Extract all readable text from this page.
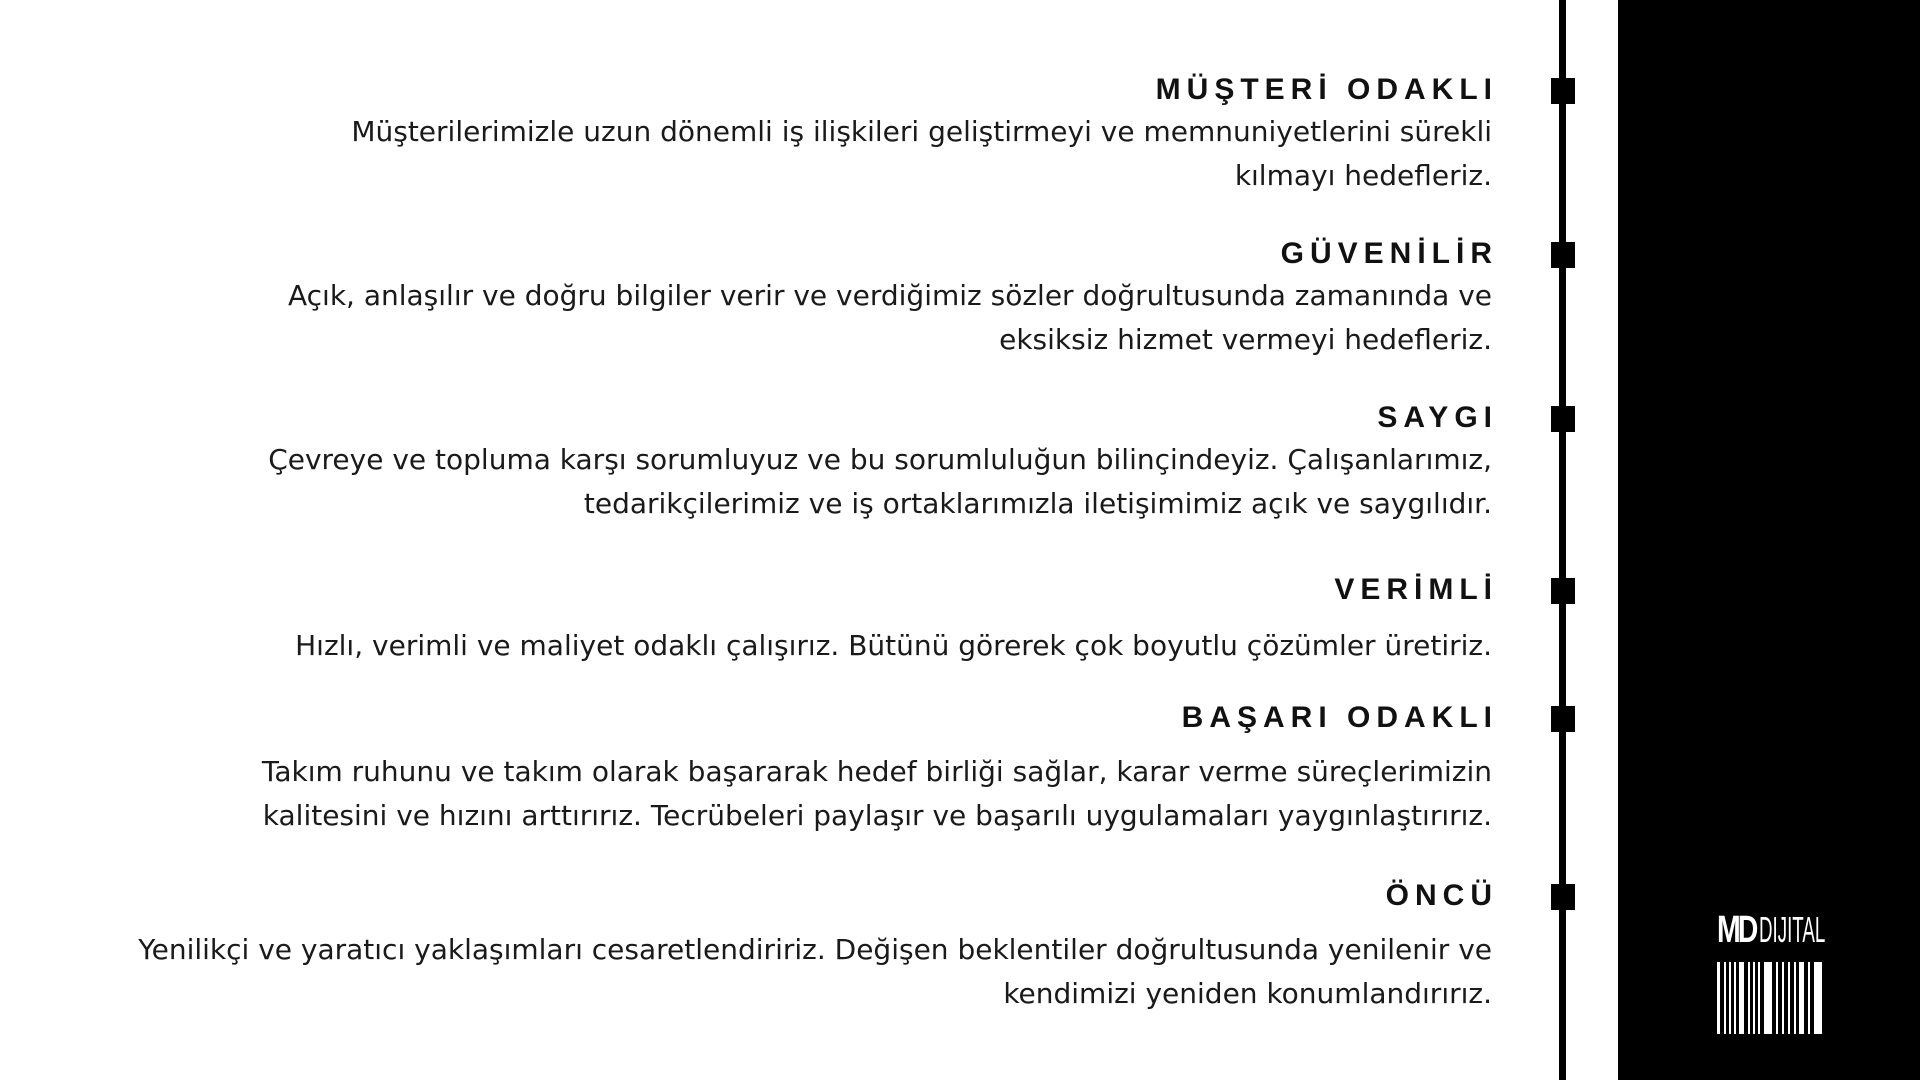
MÜŞTERİ ODAKLI
Müşterilerimizle uzun dönemli iş ilişkileri geliştirmeyi ve memnuniyetlerini sürekli
kılmayı hedefleriz.
GÜVENİLİR
Açık, anlaşılır ve doğru bilgiler verir ve verdiğimiz sözler doğrultusunda zamanında ve
eksiksiz hizmet vermeyi hedefleriz.
SAYGI
Çevreye ve topluma karşı sorumluyuz ve bu sorumluluğun bilinçindeyiz. Çalışanlarımız,
tedarikçilerimiz ve iş ortaklarımızla iletişimimiz açık ve saygılıdır.
VERİMLİ
Hızlı, verimli ve maliyet odaklı çalışırız. Bütünü görerek çok boyutlu çözümler üretiriz.
BAŞARI ODAKLI
Takım ruhunu ve takım olarak başararak hedef birliği sağlar, karar verme süreçlerimizin
kalitesini ve hızını arttırırız. Tecrübeleri paylaşır ve başarılı uygulamaları yaygınlaştırırız.
ÖNCÜ
Yenilikçi ve yaratıcı yaklaşımları cesaretlendiririz. Değişen beklentiler doğrultusunda yenilenir ve
kendimizi yeniden konumlandırırız.
MD DIJITAL
